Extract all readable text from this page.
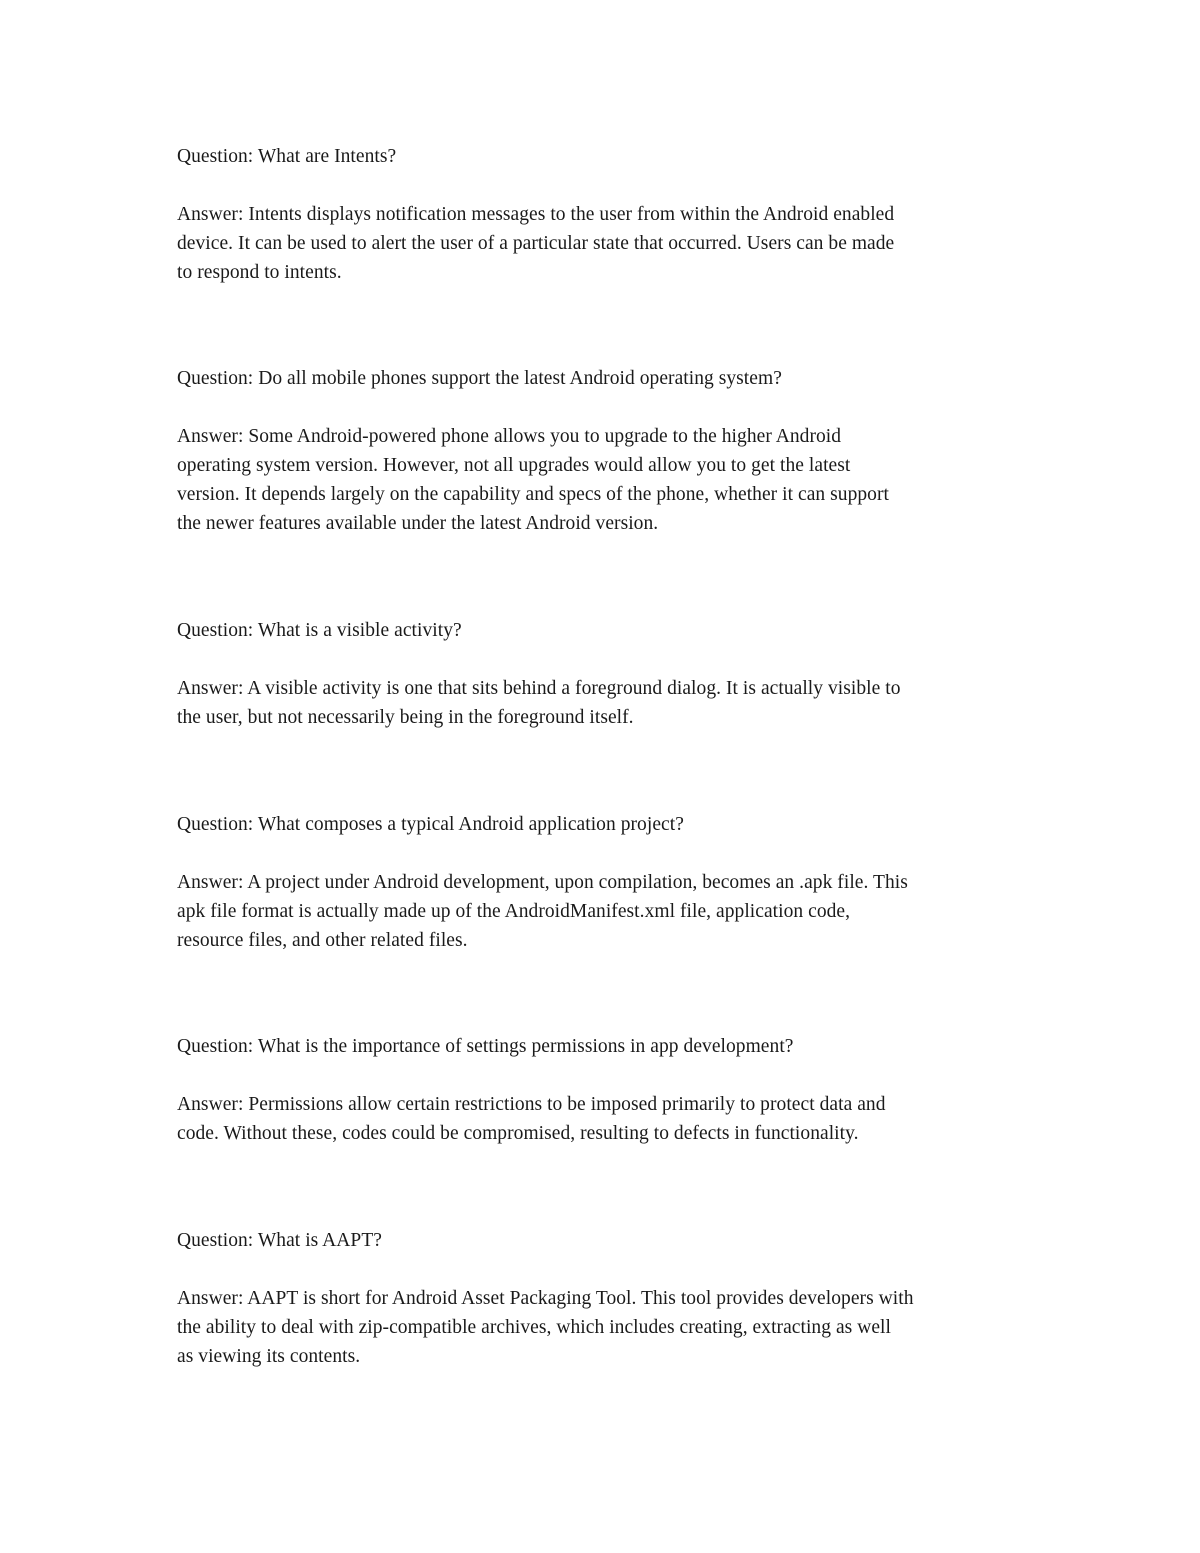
Question: What are Intents?

Answer: Intents displays notification messages to the user from within the Android enabled
device. It can be used to alert the user of a particular state that occurred. Users can be made
to respond to intents.

Question: Do all mobile phones support the latest Android operating system?

Answer: Some Android-powered phone allows you to upgrade to the higher Android
operating system version. However, not all upgrades would allow you to get the latest
version. It depends largely on the capability and specs of the phone, whether it can support
the newer features available under the latest Android version.

Question: What is a visible activity?

Answer: A visible activity is one that sits behind a foreground dialog. It is actually visible to
the user, but not necessarily being in the foreground itself.

Question: What composes a typical Android application project?

Answer: A project under Android development, upon compilation, becomes an .apk file. This
apk file format is actually made up of the AndroidManifest.xml file, application code,
resource files, and other related files.

Question: What is the importance of settings permissions in app development?

Answer: Permissions allow certain restrictions to be imposed primarily to protect data and
code. Without these, codes could be compromised, resulting to defects in functionality.

Question: What is AAPT?

Answer: AAPT is short for Android Asset Packaging Tool. This tool provides developers with
the ability to deal with zip-compatible archives, which includes creating, extracting as well
as viewing its contents.
